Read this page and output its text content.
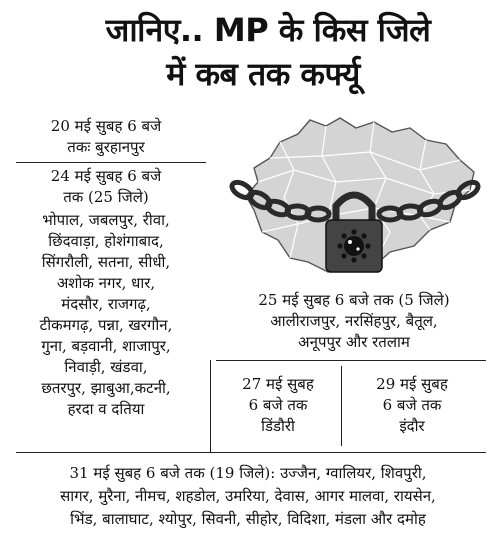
जानिए.. MP के किस जिले
में कब तक कर्फ्यू
20 मई सुबह 6 बजे
तकः बुरहानपुर
24 मई सुबह 6 बजे
तक (25 जिले)
भोपाल, जबलपुर, रीवा,
छिंदवाड़ा, होशंगाबाद,
सिंगरौली, सतना, सीधी,
अशोक नगर, धार,
मंदसौर, राजगढ़,
टीकमगढ़, पन्ना, खरगौन,
गुना, बड़वानी, शाजापुर,
निवाड़ी, खंडवा,
छतरपुर, झाबुआ,कटनी,
हरदा व दतिया
25 मई सुबह 6 बजे तक (5 जिले)
आलीराजपुर, नरसिंहपुर, बैतूल,
अनूपपुर और रतलाम
27 मई सुबह
6 बजे तक
डिंडौरी
29 मई सुबह
6 बजे तक
इंदौर
31 मई सुबह 6 बजे तक (19 जिले): उज्जैन, ग्वालियर, शिवपुरी,
सागर, मुरैना, नीमच, शहडोल, उमरिया, देवास, आगर मालवा, रायसेन,
भिंड, बालाघाट, श्योपुर, सिवनी, सीहोर, विदिशा, मंडला और दमोह
